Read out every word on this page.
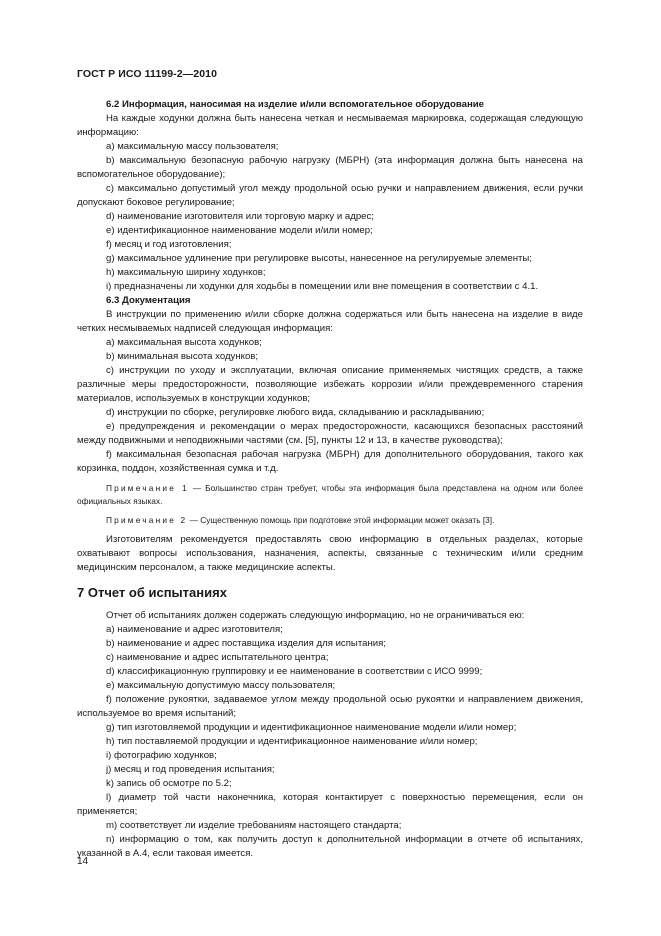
ГОСТ Р ИСО 11199-2—2010

6.2 Информация, наносимая на изделие и/или вспомогательное оборудование

На каждые ходунки должна быть нанесена четкая и несмываемая маркировка, содержащая следующую информацию:

a) максимальную массу пользователя;

b) максимальную безопасную рабочую нагрузку (МБРН) (эта информация должна быть нанесена на вспомогательное оборудование);

c) максимально допустимый угол между продольной осью ручки и направлением движения, если ручки допускают боковое регулирование;

d) наименование изготовителя или торговую марку и адрес;

e) идентификационное наименование модели и/или номер;

f) месяц и год изготовления;

g) максимальное удлинение при регулировке высоты, нанесенное на регулируемые элементы;

h) максимальную ширину ходунков;

i) предназначены ли ходунки для ходьбы в помещении или вне помещения в соответствии с 4.1.

6.3 Документация

В инструкции по применению и/или сборке должна содержаться или быть нанесена на изделие в виде четких несмываемых надписей следующая информация:

a) максимальная высота ходунков;

b) минимальная высота ходунков;

c) инструкции по уходу и эксплуатации, включая описание применяемых чистящих средств, а также различные меры предосторожности, позволяющие избежать коррозии и/или преждевременного старения материалов, используемых в конструкции ходунков;

d) инструкции по сборке, регулировке любого вида, складыванию и раскладыванию;

e) предупреждения и рекомендации о мерах предосторожности, касающихся безопасных расстояний между подвижными и неподвижными частями (см. [5], пункты 12 и 13, в качестве руководства);

f) максимальная безопасная рабочая нагрузка (МБРН) для дополнительного оборудования, такого как корзинка, поддон, хозяйственная сумка и т.д.

Примечание 1 — Большинство стран требует, чтобы эта информация была представлена на одном или более официальных языках.

Примечание 2 — Существенную помощь при подготовке этой информации может оказать [3].

Изготовителям рекомендуется предоставлять свою информацию в отдельных разделах, которые охватывают вопросы использования, назначения, аспекты, связанные с техническим и/или средним медицинским персоналом, а также медицинские аспекты.

7 Отчет об испытаниях

Отчет об испытаниях должен содержать следующую информацию, но не ограничиваться ею:

a) наименование и адрес изготовителя;

b) наименование и адрес поставщика изделия для испытания;

c) наименование и адрес испытательного центра;

d) классификационную группировку и ее наименование в соответствии с ИСО 9999;

e) максимальную допустимую массу пользователя;

f) положение рукоятки, задаваемое углом между продольной осью рукоятки и направлением движения, используемое во время испытаний;

g) тип изготовляемой продукции и идентификационное наименование модели и/или номер;

h) тип поставляемой продукции и идентификационное наименование и/или номер;

i) фотографию ходунков;

j) месяц и год проведения испытания;

k) запись об осмотре по 5.2;

l) диаметр той части наконечника, которая контактирует с поверхностью перемещения, если он применяется;

m) соответствует ли изделие требованиям настоящего стандарта;

n) информацию о том, как получить доступ к дополнительной информации в отчете об испытаниях, указанной в А.4, если таковая имеется.

14
